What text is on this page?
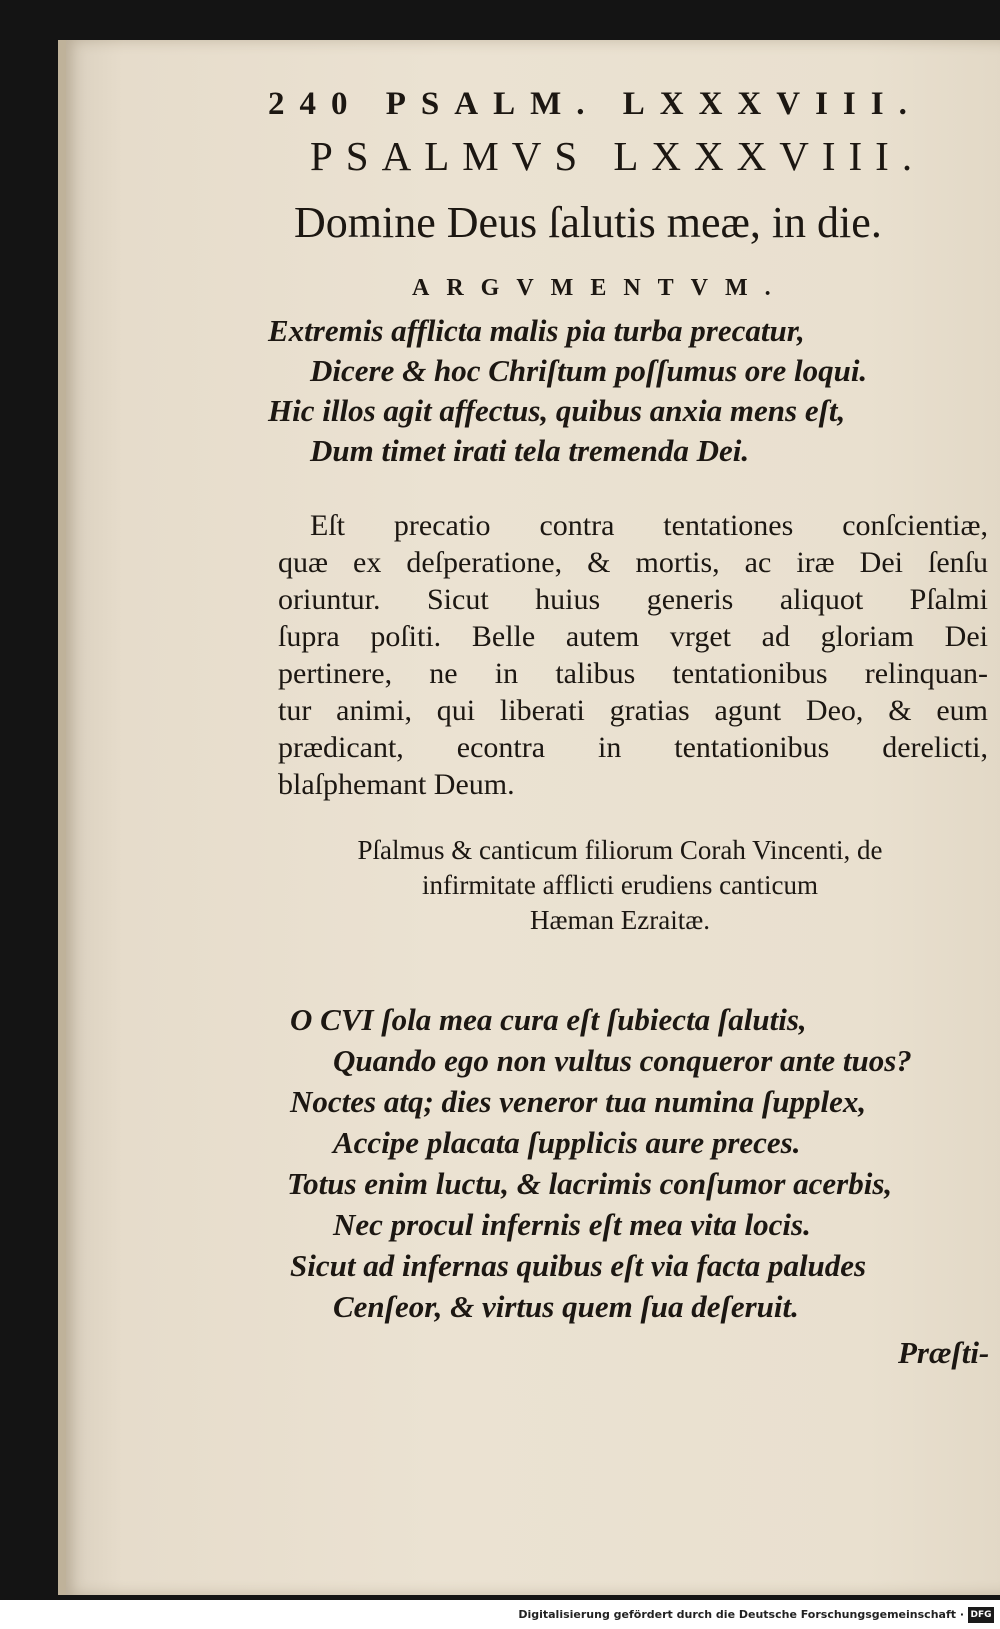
240 PSALM. LXXXVIII.
PSALMVS LXXXVIII.
Domine Deus ſalutis meæ, in die.
ARGVMENTVM.
Extremis afflicta malis pia turba precatur,
Dicere & hoc Chriſtum poſſumus ore loqui.
Hic illos agit affectus, quibus anxia mens eſt,
Dum timet irati tela tremenda Dei.
Eſt precatio contra tentationes conſcientiæ,
quæ ex deſperatione, & mortis, ac iræ Dei ſenſu
oriuntur. Sicut huius generis aliquot Pſalmi
ſupra poſiti. Belle autem vrget ad gloriam Dei
pertinere, ne in talibus tentationibus relinquan-
tur animi, qui liberati gratias agunt Deo, & eum
prædicant, econtra in tentationibus derelicti,
blaſphemant Deum.
Pſalmus & canticum filiorum Corah Vincenti, de
infirmitate afflicti erudiens canticum
Hæman Ezraitæ.
O CVI ſola mea cura eſt ſubiecta ſalutis,
Quando ego non vultus conqueror ante tuos?
Noctes atq; dies veneror tua numina ſupplex,
Accipe placata ſupplicis aure preces.
Totus enim luctu, & lacrimis conſumor acerbis,
Nec procul infernis eſt mea vita locis.
Sicut ad infernas quibus eſt via facta paludes
Cenſeor, & virtus quem ſua deſeruit.
Præſti-
Digitalisierung gefördert durch die Deutsche Forschungsgemeinschaft · DFG
